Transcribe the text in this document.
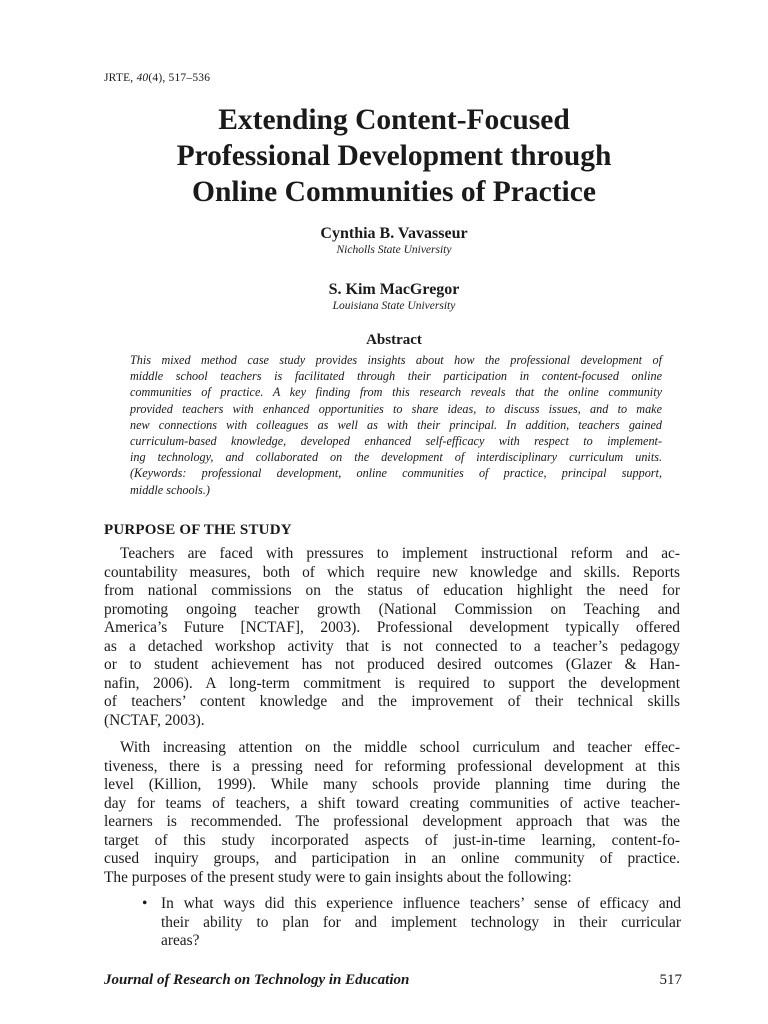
JRTE, 40(4), 517–536
Extending Content-Focused
Professional Development through
Online Communities of Practice
Cynthia B. Vavasseur
Nicholls State University
S. Kim MacGregor
Louisiana State University
Abstract
This mixed method case study provides insights about how the professional development of
middle school teachers is facilitated through their participation in content-focused online
communities of practice. A key finding from this research reveals that the online community
provided teachers with enhanced opportunities to share ideas, to discuss issues, and to make
new connections with colleagues as well as with their principal. In addition, teachers gained
curriculum-based knowledge, developed enhanced self-efficacy with respect to implement-
ing technology, and collaborated on the development of interdisciplinary curriculum units.
(Keywords: professional development, online communities of practice, principal support,
middle schools.)
PURPOSE OF THE STUDY
Teachers are faced with pressures to implement instructional reform and ac-
countability measures, both of which require new knowledge and skills. Reports
from national commissions on the status of education highlight the need for
promoting ongoing teacher growth (National Commission on Teaching and
America’s Future [NCTAF], 2003). Professional development typically offered
as a detached workshop activity that is not connected to a teacher’s pedagogy
or to student achievement has not produced desired outcomes (Glazer & Han-
nafin, 2006). A long-term commitment is required to support the development
of teachers’ content knowledge and the improvement of their technical skills
(NCTAF, 2003).
With increasing attention on the middle school curriculum and teacher effec-
tiveness, there is a pressing need for reforming professional development at this
level (Killion, 1999). While many schools provide planning time during the
day for teams of teachers, a shift toward creating communities of active teacher-
learners is recommended. The professional development approach that was the
target of this study incorporated aspects of just-in-time learning, content-fo-
cused inquiry groups, and participation in an online community of practice.
The purposes of the present study were to gain insights about the following:
• In what ways did this experience influence teachers’ sense of efficacy and
their ability to plan for and implement technology in their curricular
areas?
Journal of Research on Technology in Education	517
